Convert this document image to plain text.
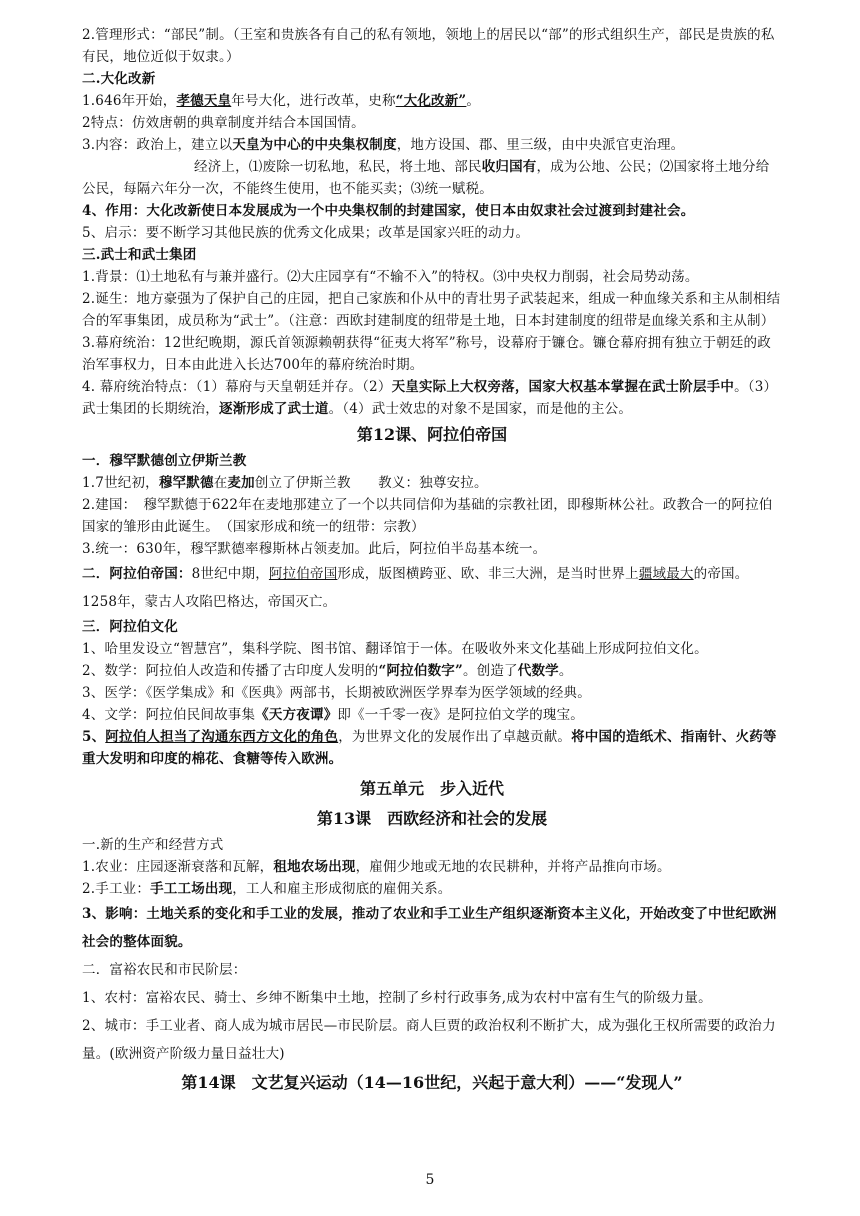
2.管理形式：“部民”制。（王室和贵族各有自己的私有领地，领地上的居民以“部”的形式组织生产，部民是贵族的私有民，地位近似于奴隶。）
二.大化改新
1.646年开始，孝德天皇年号大化，进行改革，史称“大化改新”。
2特点：仿效唐朝的典章制度并结合本国国情。
3.内容：政治上，建立以天皇为中心的中央集权制度，地方设国、郡、里三级，由中央派官吏治理。
经济上，⑴废除一切私地，私民，将土地、部民收归国有，成为公地、公民；⑵国家将土地分给公民，每隔六年分一次，不能终生使用，也不能买卖；⑶统一赋税。
4、作用：大化改新使日本发展成为一个中央集权制的封建国家，使日本由奴隶社会过渡到封建社会。
5、启示：要不断学习其他民族的优秀文化成果；改革是国家兴旺的动力。
三.武士和武士集团
1.背景：⑴土地私有与兼并盛行。⑵大庄园享有“不输不入”的特权。⑶中央权力削弱，社会局势动荡。
2.诞生：地方豪强为了保护自己的庄园，把自己家族和仆从中的青壮男子武装起来，组成一种血缘关系和主从制相结合的军事集团，成员称为“武士”。（注意：西欧封建制度的纽带是土地，日本封建制度的纽带是血缘关系和主从制）
3.幕府统治：12世纪晚期，源氏首领源赖朝获得“征夷大将军”称号，设幕府于镰仓。镰仓幕府拥有独立于朝廷的政治军事权力，日本由此进入长达700年的幕府统治时期。
4. 幕府统治特点：（1）幕府与天皇朝廷并存。（2）天皇实际上大权旁落，国家大权基本掌握在武士阶层手中。（3）武士集团的长期统治，逐渐形成了武士道。（4）武士效忠的对象不是国家，而是他的主公。
第12课、阿拉伯帝国
一．穆罕默德创立伊斯兰教
1.7世纪初，穆罕默德在麦加创立了伊斯兰教　　教义：独尊安拉。
2.建国：　穆罕默德于622年在麦地那建立了一个以共同信仰为基础的宗教社团，即穆斯林公社。政教合一的阿拉伯国家的雏形由此诞生。　（国家形成和统一的纽带：宗教）
3.统一：630年，穆罕默德率穆斯林占领麦加。此后，阿拉伯半岛基本统一。
二．阿拉伯帝国：8世纪中期，阿拉伯帝国形成，版图横跨亚、欧、非三大洲，是当时世界上疆域最大的帝国。1258年，蒙古人攻陷巴格达，帝国灭亡。
三．阿拉伯文化
1、哈里发设立“智慧宫”，集科学院、图书馆、翻译馆于一体。在吸收外来文化基础上形成阿拉伯文化。
2、数学：阿拉伯人改造和传播了古印度人发明的“阿拉伯数字”。创造了代数学。
3、医学：《医学集成》和《医典》两部书，长期被欧洲医学界奉为医学领域的经典。
4、文学：阿拉伯民间故事集《天方夜谭》即《一千零一夜》是阿拉伯文学的瑰宝。
5、阿拉伯人担当了沟通东西方文化的角色，为世界文化的发展作出了卓越贡献。将中国的造纸术、指南针、火药等重大发明和印度的棉花、食糖等传入欧洲。
第五单元　步入近代
第13课　西欧经济和社会的发展
一.新的生产和经营方式
1.农业：庄园逐渐衰落和瓦解，租地农场出现，雇佣少地或无地的农民耕种，并将产品推向市场。
2.手工业：手工工场出现，工人和雇主形成彻底的雇佣关系。
3、影响：土地关系的变化和手工业的发展，推动了农业和手工业生产组织逐渐资本主义化，开始改变了中世纪欧洲社会的整体面貌。
二．富裕农民和市民阶层：
1、农村：富裕农民、骑士、乡绅不断集中土地，控制了乡村行政事务,成为农村中富有生气的阶级力量。
2、城市：手工业者、商人成为城市居民—市民阶层。商人巨贾的政治权利不断扩大，成为强化王权所需要的政治力量。(欧洲资产阶级力量日益壮大)
第14课　文艺复兴运动（14—16世纪，兴起于意大利）——“发现人”
5
